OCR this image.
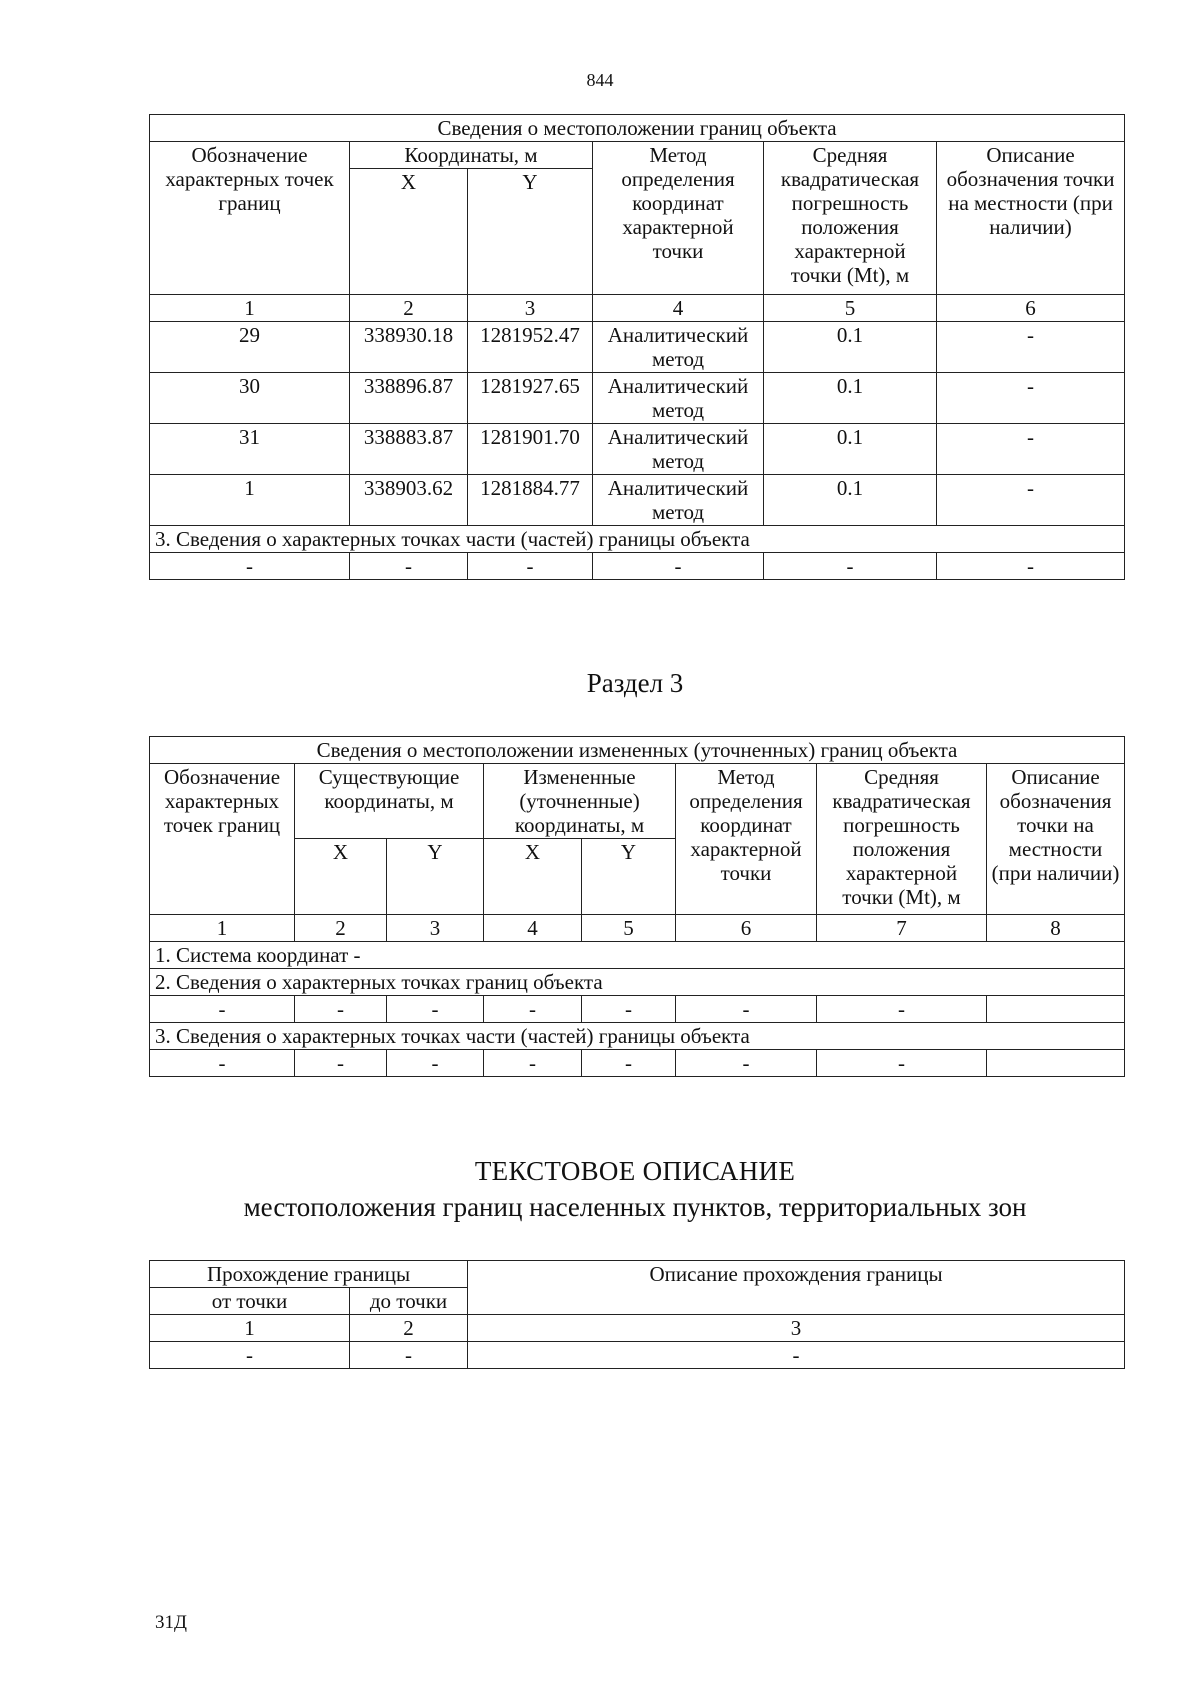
844
Сведения о местоположении границ объекта					
Обозначение характерных точек границ	Координаты, м		Метод определения координат характерной точки	Средняя квадратическая погрешность положения характерной точки (Mt), м	Описание обозначения точки на местности (при наличии)
	X	Y			
1	2	3	4	5	6
29	338930.18	1281952.47	Аналитический метод	0.1	-
30	338896.87	1281927.65	Аналитический метод	0.1	-
31	338883.87	1281901.70	Аналитический метод	0.1	-
1	338903.62	1281884.77	Аналитический метод	0.1	-
3. Сведения о характерных точках части (частей) границы объекта					
-	-	-	-	-	-
Раздел 3
Сведения о местоположении измененных (уточненных) границ объекта							
Обозначение характерных точек границ	Существующие координаты, м		Измененные (уточненные) координаты, м		Метод определения координат характерной точки	Средняя квадратическая погрешность положения характерной точки (Mt), м	Описание обозначения точки на местности (при наличии)
	X	Y	X	Y			
1	2	3	4	5	6	7	8
1. Система координат -							
2. Сведения о характерных точках границ объекта							
-	-	-	-	-	-	-	
3. Сведения о характерных точках части (частей) границы объекта							
-	-	-	-	-	-	-	
ТЕКСТОВОЕ ОПИСАНИЕ
местоположения границ населенных пунктов, территориальных зон
Прохождение границы		Описание прохождения границы
от точки	до точки	
1	2	3
-	-	-
31Д
